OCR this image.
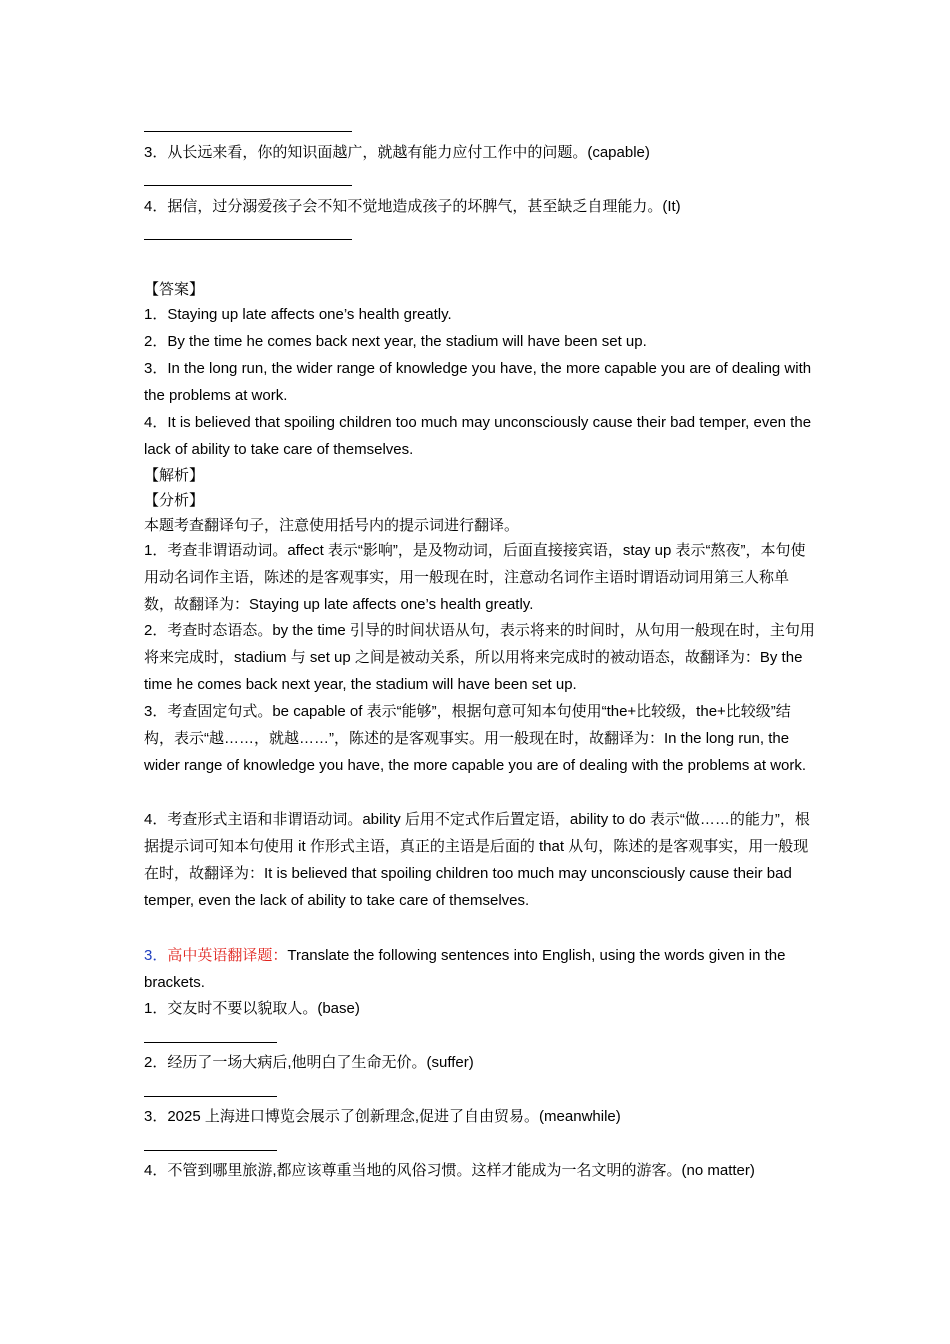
3．从长远来看，你的知识面越广，就越有能力应付工作中的问题。(capable)

4．据信，过分溺爱孩子会不知不觉地造成孩子的坏脾气，甚至缺乏自理能力。(It)

【答案】

1．Staying up late affects one’s health greatly.

2．By the time he comes back next year, the stadium will have been set up.

3．In the long run, the wider range of knowledge you have, the more capable you are of dealing with the problems at work.

4．It is believed that spoiling children too much may unconsciously cause their bad temper, even the lack of ability to take care of themselves.

【解析】

【分析】

本题考查翻译句子，注意使用括号内的提示词进行翻译。

1．考查非谓语动词。affect 表示“影响”，是及物动词，后面直接接宾语，stay up 表示“熬夜”，本句使用动名词作主语，陈述的是客观事实，用一般现在时，注意动名词作主语时谓语动词用第三人称单数，故翻译为：Staying up late affects one’s health greatly.

2．考查时态语态。by the time 引导的时间状语从句，表示将来的时间时，从句用一般现在时，主句用将来完成时，stadium 与 set up 之间是被动关系，所以用将来完成时的被动语态，故翻译为：By the time he comes back next year, the stadium will have been set up.

3．考查固定句式。be capable of 表示“能够”，根据句意可知本句使用“the+比较级，the+比较级”结构，表示“越……，就越……”，陈述的是客观事实。用一般现在时，故翻译为：In the long run, the wider range of knowledge you have, the more capable you are of dealing with the problems at work.

4．考查形式主语和非谓语动词。ability 后用不定式作后置定语，ability to do 表示“做……的能力”，根据提示词可知本句使用 it 作形式主语，真正的主语是后面的 that 从句，陈述的是客观事实，用一般现在时，故翻译为：It is believed that spoiling children too much may unconsciously cause their bad temper, even the lack of ability to take care of themselves.

3．高中英语翻译题：Translate the following sentences into English, using the words given in the brackets.

1．交友时不要以貌取人。(base)

2．经历了一场大病后,他明白了生命无价。(suffer)

3．2025 上海进口博览会展示了创新理念,促进了自由贸易。(meanwhile)

4．不管到哪里旅游,都应该尊重当地的风俗习惯。这样才能成为一名文明的游客。(no matter)
